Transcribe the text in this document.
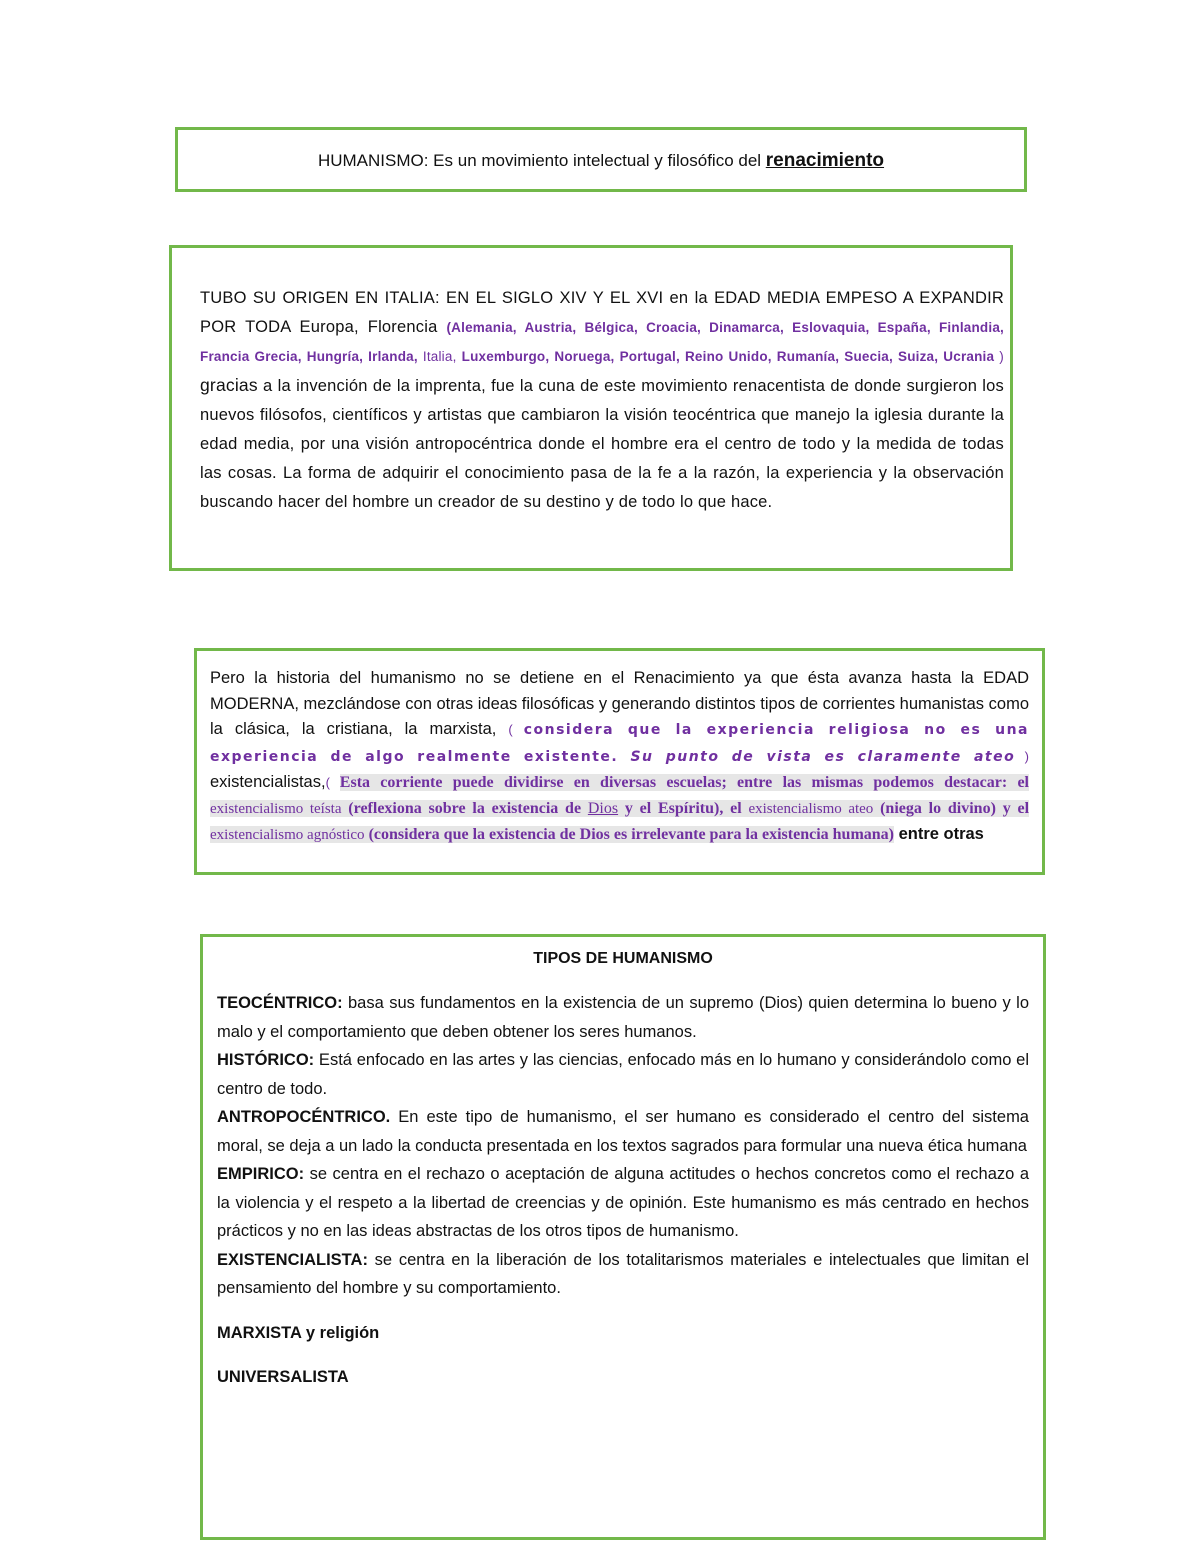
HUMANISMO: Es un movimiento intelectual y filosófico del renacimiento

TUBO SU ORIGEN EN ITALIA: EN EL SIGLO XIV Y EL XVI en la EDAD MEDIA EMPESO A EXPANDIR POR TODA Europa, Florencia (Alemania, Austria, Bélgica, Croacia, Dinamarca, Eslovaquia, España, Finlandia, Francia Grecia, Hungría, Irlanda, Italia, Luxemburgo, Noruega, Portugal, Reino Unido, Rumanía, Suecia, Suiza, Ucrania ) gracias a la invención de la imprenta, fue la cuna de este movimiento renacentista de donde surgieron los nuevos filósofos, científicos y artistas que cambiaron la visión teocéntrica que manejo la iglesia durante la edad media, por una visión antropocéntrica donde el hombre era el centro de todo y la medida de todas las cosas. La forma de adquirir el conocimiento pasa de la fe a la razón, la experiencia y la observación buscando hacer del hombre un creador de su destino y de todo lo que hace.

Pero la historia del humanismo no se detiene en el Renacimiento ya que ésta avanza hasta la EDAD MODERNA, mezclándose con otras ideas filosóficas y generando distintos tipos de corrientes humanistas como la clásica, la cristiana, la marxista, ( considera que la experiencia religiosa no es una experiencia de algo realmente existente. Su punto de vista es claramente ateo ) existencialistas,( Esta corriente puede dividirse en diversas escuelas; entre las mismas podemos destacar: el existencialismo teísta (reflexiona sobre la existencia de Dios y el Espíritu), el existencialismo ateo (niega lo divino) y el existencialismo agnóstico (considera que la existencia de Dios es irrelevante para la existencia humana) entre otras

TIPOS DE HUMANISMO

TEOCÉNTRICO: basa sus fundamentos en la existencia de un supremo (Dios) quien determina lo bueno y lo malo y el comportamiento que deben obtener los seres humanos.

HISTÓRICO: Está enfocado en las artes y las ciencias, enfocado más en lo humano y considerándolo como el centro de todo.

ANTROPOCÉNTRICO. En este tipo de humanismo, el ser humano es considerado el centro del sistema moral, se deja a un lado la conducta presentada en los textos sagrados para formular una nueva ética humana

EMPIRICO: se centra en el rechazo o aceptación de alguna actitudes o hechos concretos como el rechazo a la violencia y el respeto a la libertad de creencias y de opinión. Este humanismo es más centrado en hechos prácticos y no en las ideas abstractas de los otros tipos de humanismo.

EXISTENCIALISTA: se centra en la liberación de los totalitarismos materiales e intelectuales que limitan el pensamiento del hombre y su comportamiento.

MARXISTA y religión

UNIVERSALISTA
